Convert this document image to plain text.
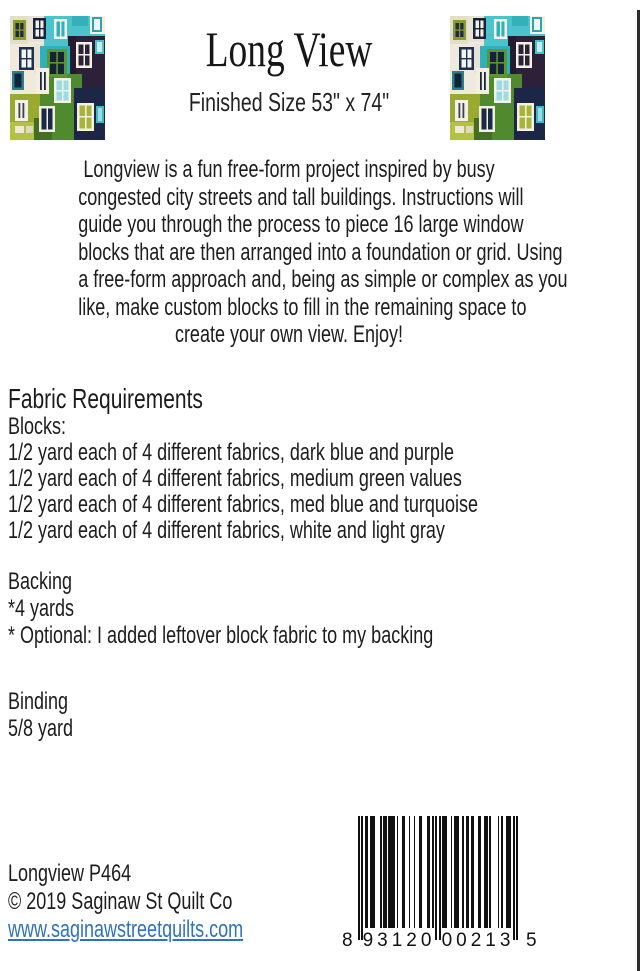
Long View
Finished Size 53" x 74"
Longview is a fun free-form project inspired by busy
congested city streets and tall buildings. Instructions will
guide you through the process to piece 16 large window
blocks that are then arranged into a foundation or grid. Using
a free-form approach and, being as simple or complex as you
like, make custom blocks to fill in the remaining space to
create your own view. Enjoy!
Fabric Requirements
Blocks:
1/2 yard each of 4 different fabrics, dark blue and purple
1/2 yard each of 4 different fabrics, medium green values
1/2 yard each of 4 different fabrics, med blue and turquoise
1/2 yard each of 4 different fabrics, white and light gray
Backing
*4 yards
* Optional: I added leftover block fabric to my backing
Binding
5/8 yard
Longview P464
© 2019 Saginaw St Quilt Co
www.saginawstreetquilts.com	8 93120 00213 5
